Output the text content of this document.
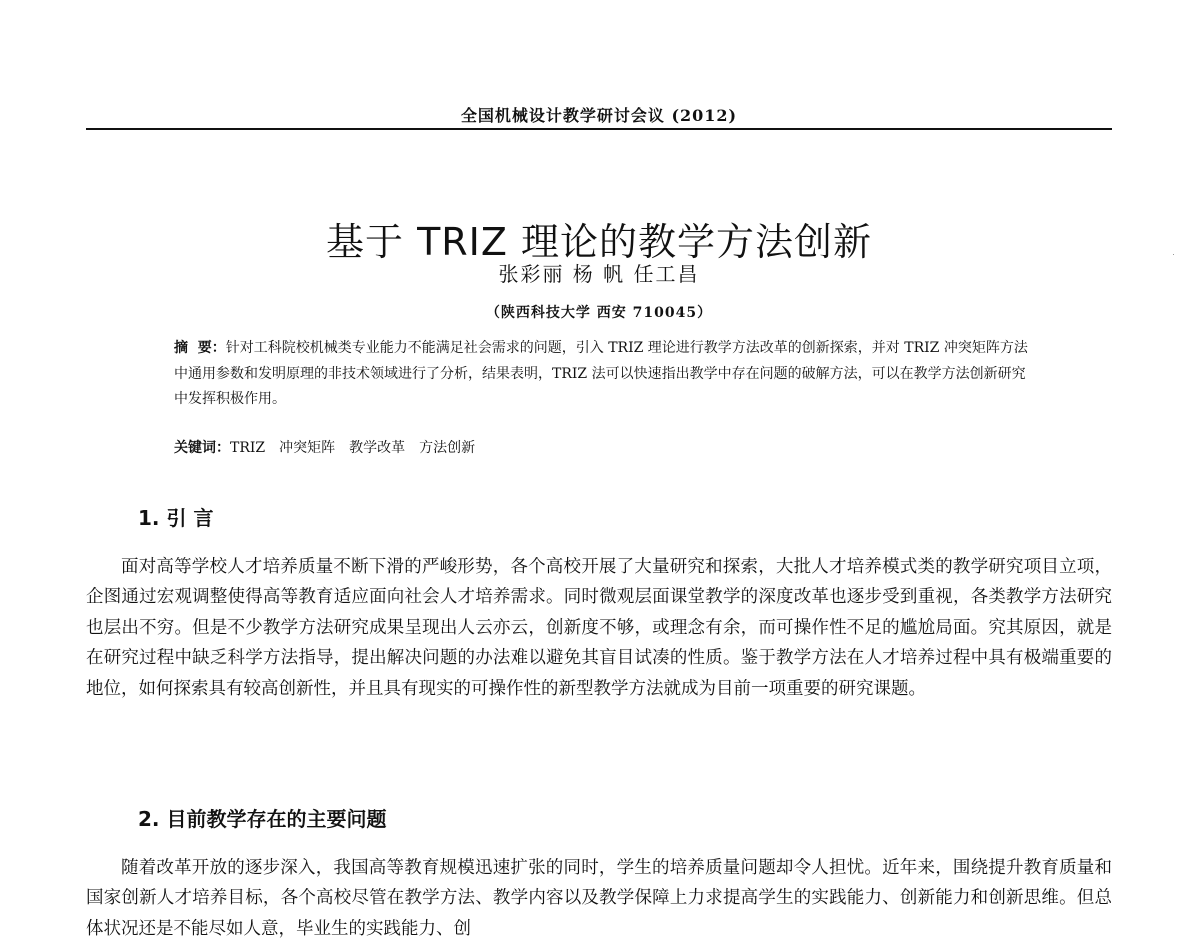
全国机械设计教学研讨会议 (2012)
基于 TRIZ 理论的教学方法创新
张彩丽 杨 帆 任工昌
（陕西科技大学 西安 710045）
摘  要：针对工科院校机械类专业能力不能满足社会需求的问题，引入 TRIZ 理论进行教学方法改革的创新探索，并对 TRIZ 冲突矩阵方法中通用参数和发明原理的非技术领域进行了分析，结果表明，TRIZ 法可以快速指出教学中存在问题的破解方法，可以在教学方法创新研究中发挥积极作用。
关键词：TRIZ 冲突矩阵 教学改革 方法创新
1. 引 言

面对高等学校人才培养质量不断下滑的严峻形势，各个高校开展了大量研究和探索，大批人才培养模式类的教学研究项目立项，企图通过宏观调整使得高等教育适应面向社会人才培养需求。同时微观层面课堂教学的深度改革也逐步受到重视，各类教学方法研究也层出不穷。但是不少教学方法研究成果呈现出人云亦云，创新度不够，或理念有余，而可操作性不足的尴尬局面。究其原因，就是在研究过程中缺乏科学方法指导，提出解决问题的办法难以避免其盲目试凑的性质。鉴于教学方法在人才培养过程中具有极端重要的地位，如何探索具有较高创新性，并且具有现实的可操作性的新型教学方法就成为目前一项重要的研究课题。

2. 目前教学存在的主要问题

随着改革开放的逐步深入，我国高等教育规模迅速扩张的同时，学生的培养质量问题却令人担忧。近年来，围绕提升教育质量和国家创新人才培养目标，各个高校尽管在教学方法、教学内容以及教学保障上力求提高学生的实践能力、创新能力和创新思维。但总体状况还是不能尽如人意，毕业生的实践能力、创
